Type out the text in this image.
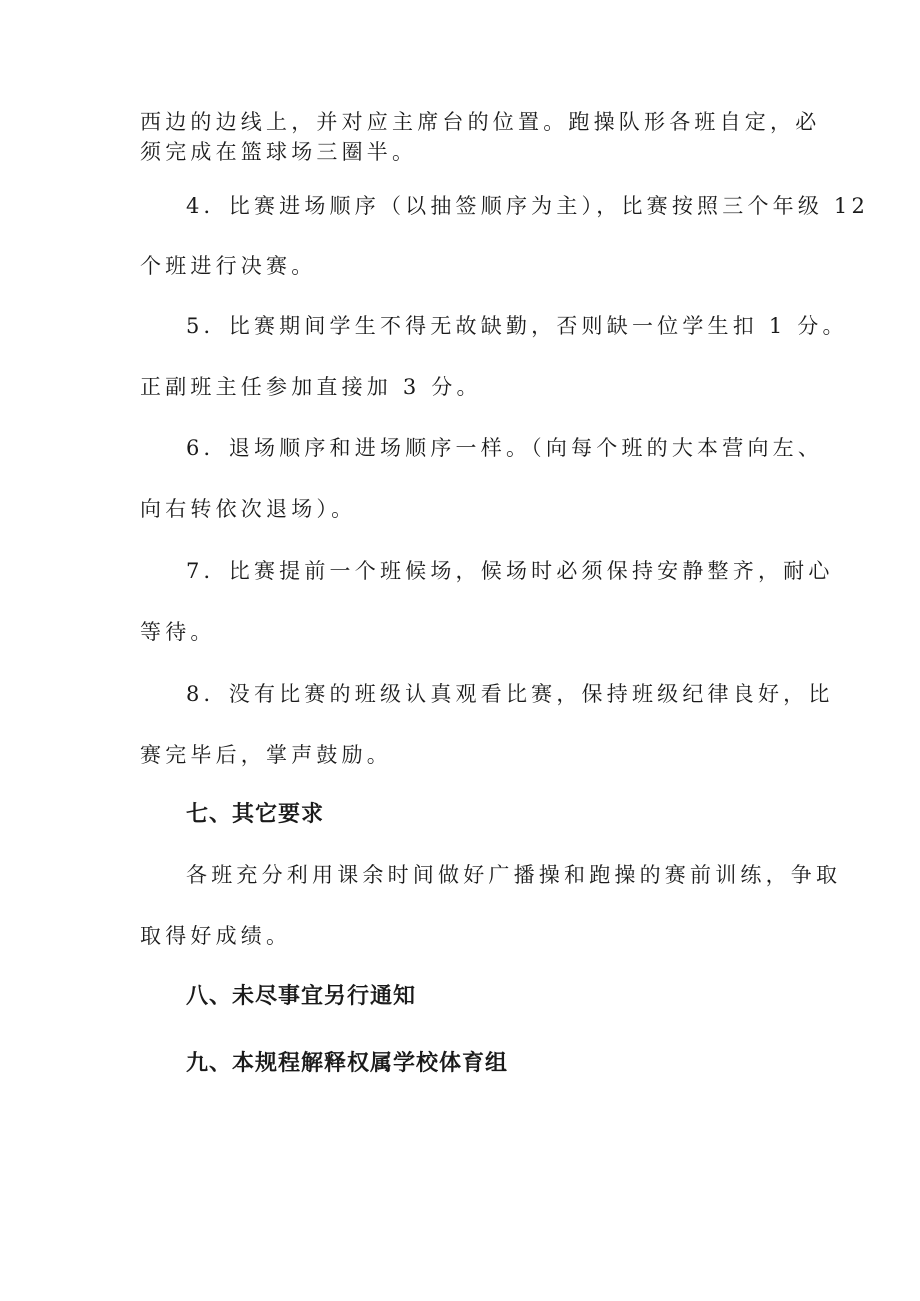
西边的边线上，并对应主席台的位置。跑操队形各班自定，必
须完成在篮球场三圈半。
4．比赛进场顺序（以抽签顺序为主），比赛按照三个年级 12
个班进行决赛。
5．比赛期间学生不得无故缺勤，否则缺一位学生扣 1 分。
正副班主任参加直接加 3 分。
6．退场顺序和进场顺序一样。（向每个班的大本营向左、
向右转依次退场）。
7．比赛提前一个班候场，候场时必须保持安静整齐，耐心
等待。
8．没有比赛的班级认真观看比赛，保持班级纪律良好，比
赛完毕后，掌声鼓励。
七、其它要求
各班充分利用课余时间做好广播操和跑操的赛前训练，争取
取得好成绩。
八、未尽事宜另行通知
九、本规程解释权属学校体育组
